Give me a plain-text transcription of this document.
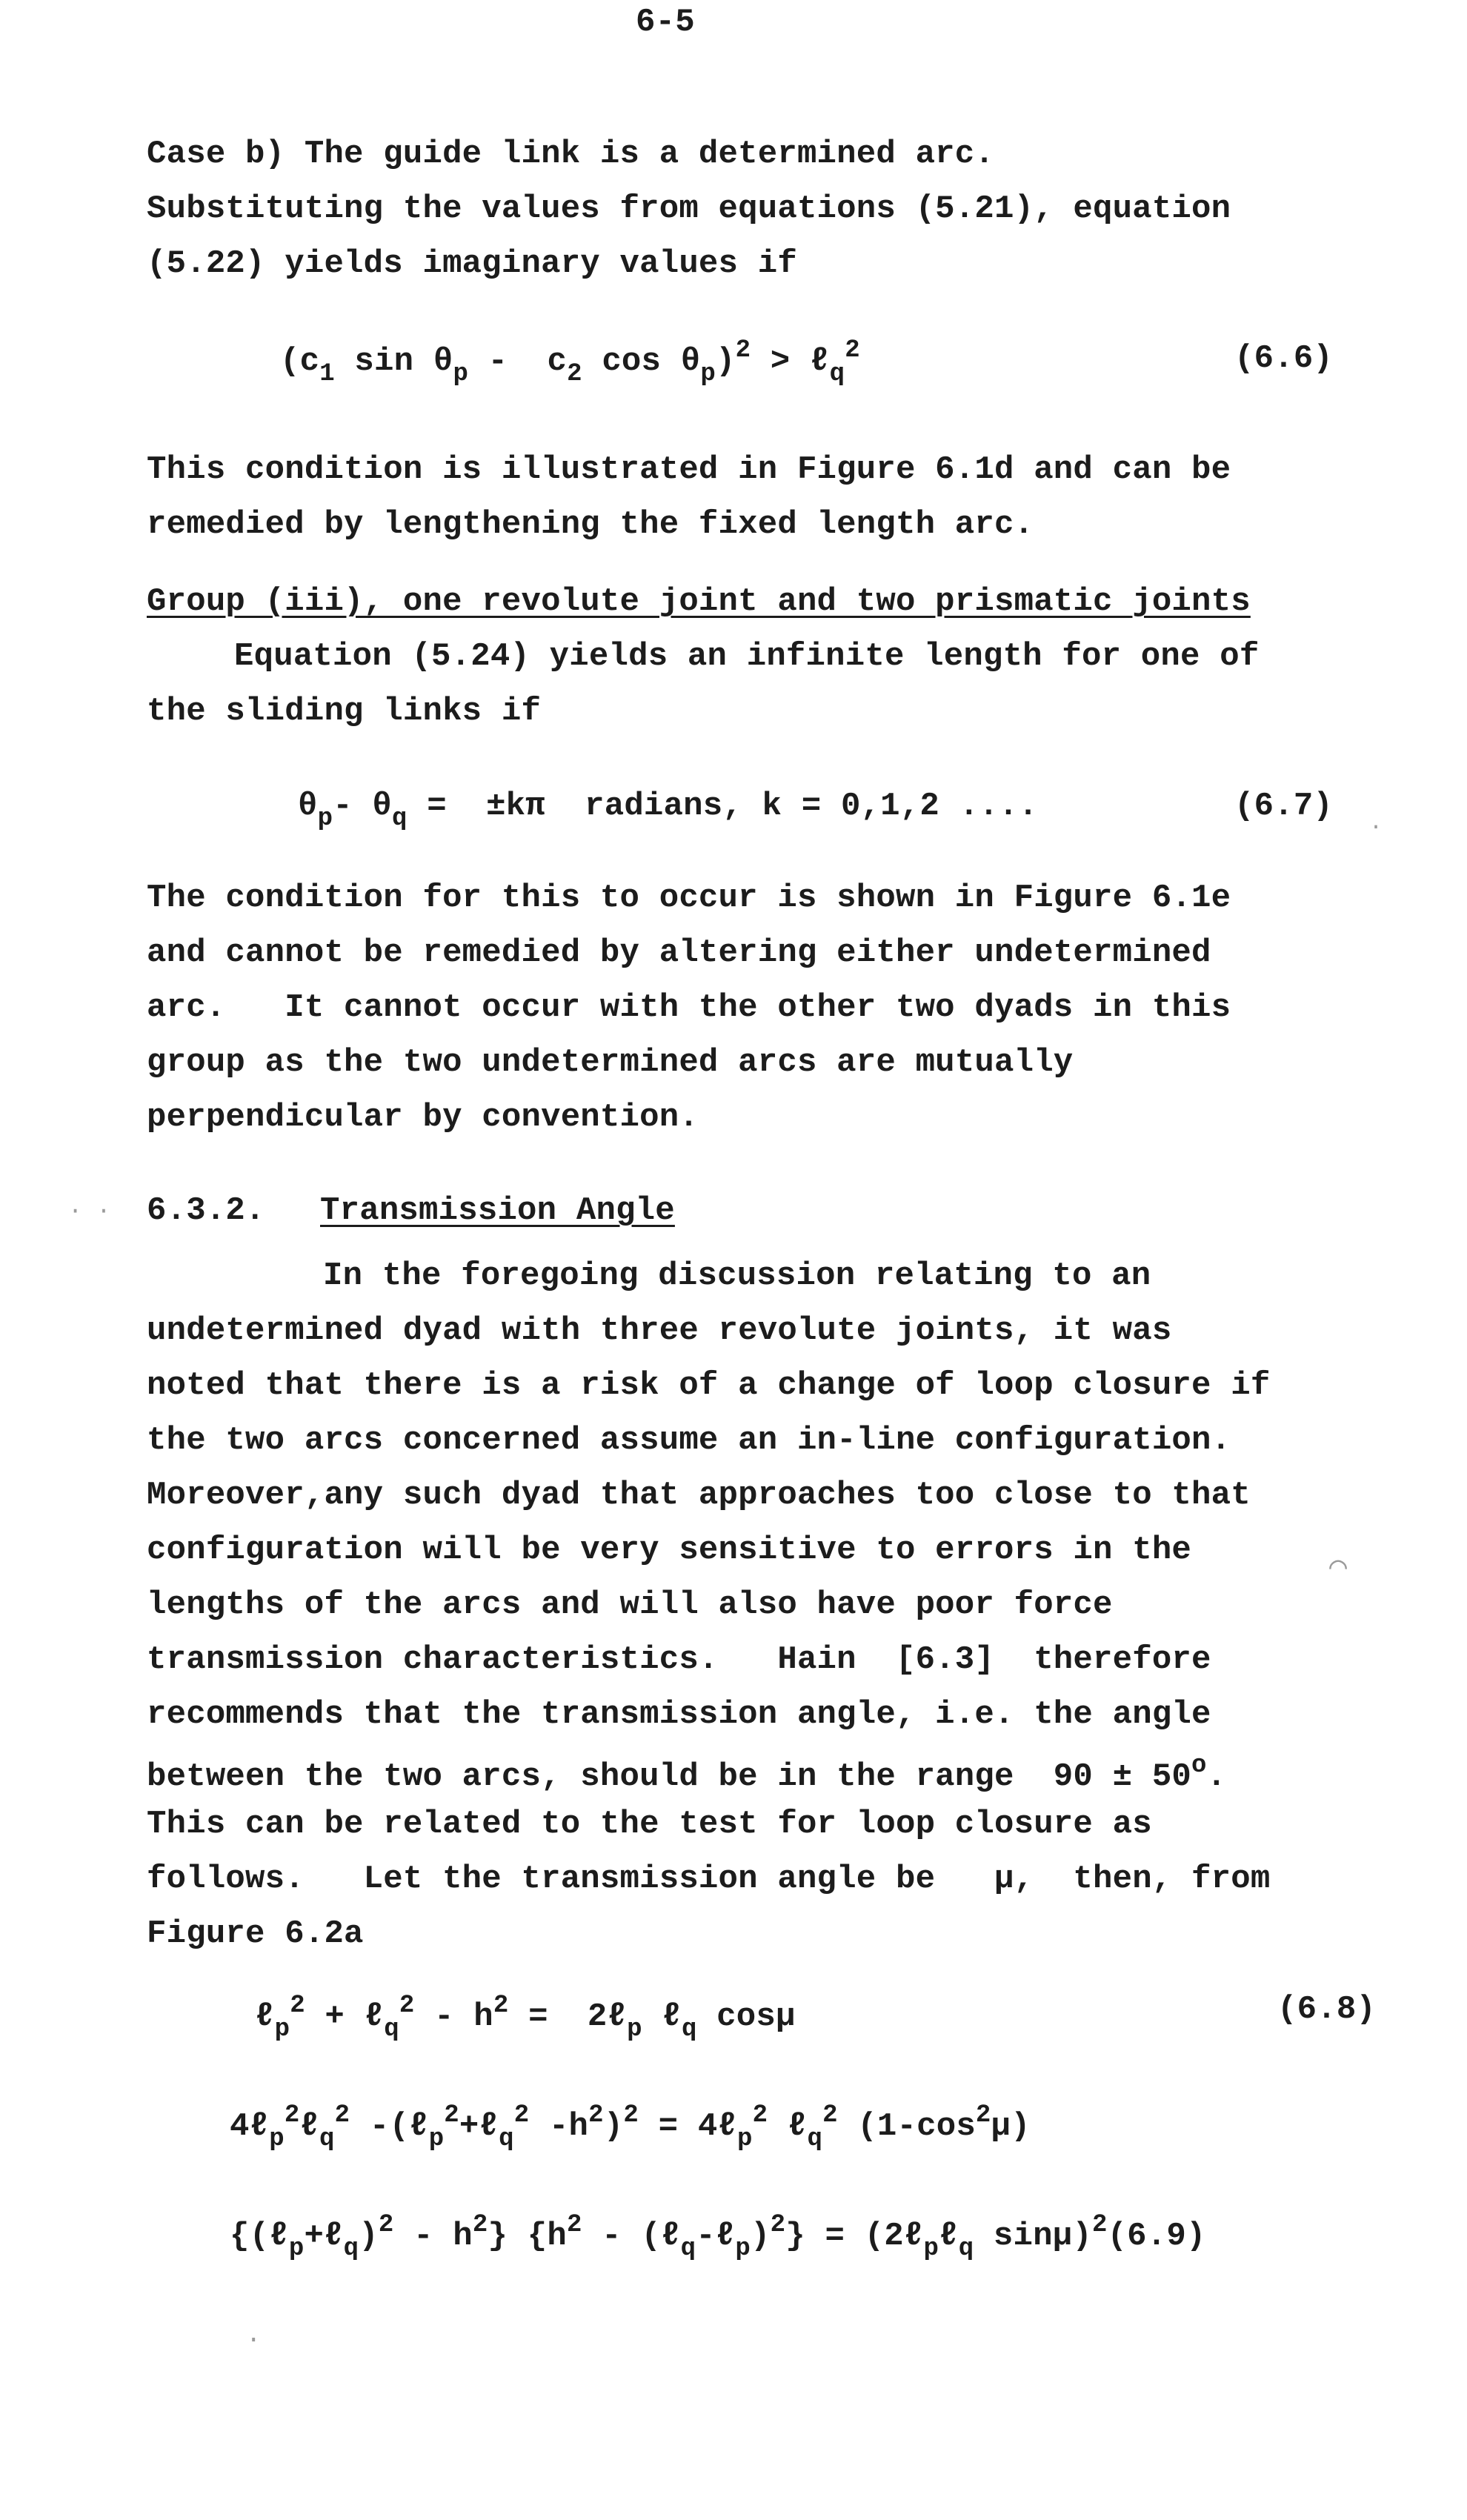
6-5
Case b) The guide link is a determined arc.
Substituting the values from equations (5.21), equation
(5.22) yields imaginary values if
($c_1$ $\sin \theta_p - c_2$ $\cos \theta_p)^2$ > ℓ$_q^2$	(6.6)
This condition is illustrated in Figure 6.1d and can be
remedied by lengthening the fixed length arc.
Group (iii), one revolute joint and two prismatic joints
Equation (5.24) yields an infinite length for one of
the sliding links if
$\theta_p-$ $\theta_q = \pm k\pi$  radians, k = 0,1,2 ....	(6.7)
·
The condition for this to occur is shown in Figure 6.1e
and cannot be remedied by altering either undetermined
arc.   It cannot occur with the other two dyads in this
group as the two undetermined arcs are mutually
perpendicular by convention.
· · 6.3.2. Transmission Angle
In the foregoing discussion relating to an
undetermined dyad with three revolute joints, it was
noted that there is a risk of a change of loop closure if
the two arcs concerned assume an in-line configuration.
Moreover,any such dyad that approaches too close to that
configuration will be very sensitive to errors in the	⌒
lengths of the arcs and will also have poor force
transmission characteristics.   Hain  [6.3]  therefore
recommends that the transmission angle, i.e. the angle
between the two arcs, should be in the range  $90 \pm 50^o$.
This can be related to the test for loop closure as
follows.   Let the transmission angle be   μ,  then, from
Figure 6.2a
ℓ$_p^2$ + ℓ$_q^2$ - $h^2$ =  2ℓ$_p$ ℓ$_q$ cosμ	(6.8)
4ℓ$_p^2$ℓ$_q^2$ -(ℓ$_p^2$+ℓ$_q^2$ $-h^2)^2$ = 4ℓ$_p^2$ ℓ$_q^2$ $(1-\cos^2\mu)$
{(ℓ$_p$+ℓ$_q$)$^2$ - $h^2$} {$h^2$ - (ℓ$_q$-ℓ$_p$)$^2$} = (2ℓ$_p$ℓ$_q$ sinμ)$^2$(6.9)
·
